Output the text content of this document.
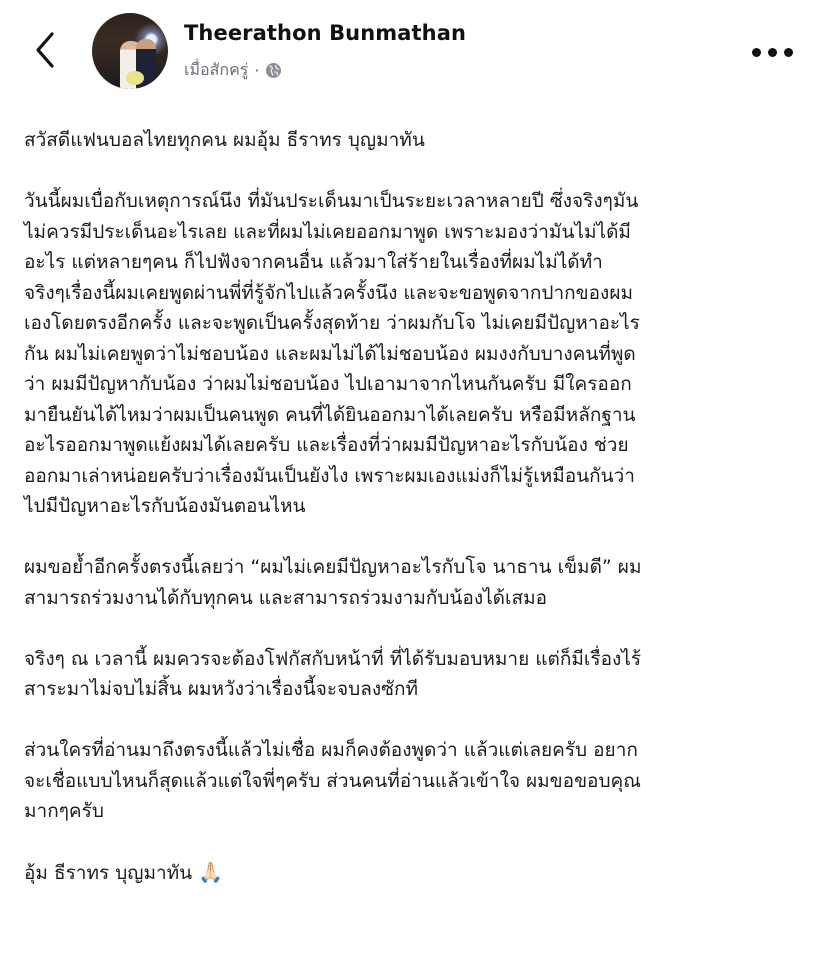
Theerathon Bunmathan
เมื่อสักครู่ ·

สวัสดีแฟนบอลไทยทุกคน ผมอุ้ม ธีราทร บุญมาทัน

วันนี้ผมเบื่อกับเหตุการณ์นึง ที่มันประเด็นมาเป็นระยะเวลาหลายปี ซึ่งจริงๆมัน
ไม่ควรมีประเด็นอะไรเลย และที่ผมไม่เคยออกมาพูด เพราะมองว่ามันไม่ได้มี
อะไร แต่หลายๆคน ก็ไปฟังจากคนอื่น แล้วมาใส่ร้ายในเรื่องที่ผมไม่ได้ทำ
จริงๆเรื่องนี้ผมเคยพูดผ่านพี่ที่รู้จักไปแล้วครั้งนึง และจะขอพูดจากปากของผม
เองโดยตรงอีกครั้ง และจะพูดเป็นครั้งสุดท้าย ว่าผมกับโจ ไม่เคยมีปัญหาอะไร
กัน ผมไม่เคยพูดว่าไม่ชอบน้อง และผมไม่ได้ไม่ชอบน้อง ผมงงกับบางคนที่พูด
ว่า ผมมีปัญหากับน้อง ว่าผมไม่ชอบน้อง ไปเอามาจากไหนกันครับ มีใครออก
มายืนยันได้ไหมว่าผมเป็นคนพูด คนที่ได้ยินออกมาได้เลยครับ หรือมีหลักฐาน
อะไรออกมาพูดแย้งผมได้เลยครับ และเรื่องที่ว่าผมมีปัญหาอะไรกับน้อง ช่วย
ออกมาเล่าหน่อยครับว่าเรื่องมันเป็นยังไง เพราะผมเองแม่งก็ไม่รู้เหมือนกันว่า
ไปมีปัญหาอะไรกับน้องมันตอนไหน

ผมขอย้ำอีกครั้งตรงนี้เลยว่า “ผมไม่เคยมีปัญหาอะไรกับโจ นาธาน เข็มดี” ผม
สามารถร่วมงานได้กับทุกคน และสามารถร่วมงามกับน้องได้เสมอ

จริงๆ ณ เวลานี้ ผมควรจะต้องโฟกัสกับหน้าที่ ที่ได้รับมอบหมาย แต่ก็มีเรื่องไร้
สาระมาไม่จบไม่สิ้น ผมหวังว่าเรื่องนี้จะจบลงซักที

ส่วนใครที่อ่านมาถึงตรงนี้แล้วไม่เชื่อ ผมก็คงต้องพูดว่า แล้วแต่เลยครับ อยาก
จะเชื่อแบบไหนก็สุดแล้วแต่ใจพี่ๆครับ ส่วนคนที่อ่านแล้วเข้าใจ ผมขอขอบคุณ
มากๆครับ

อุ้ม ธีราทร บุญมาทัน 🙏🏻
